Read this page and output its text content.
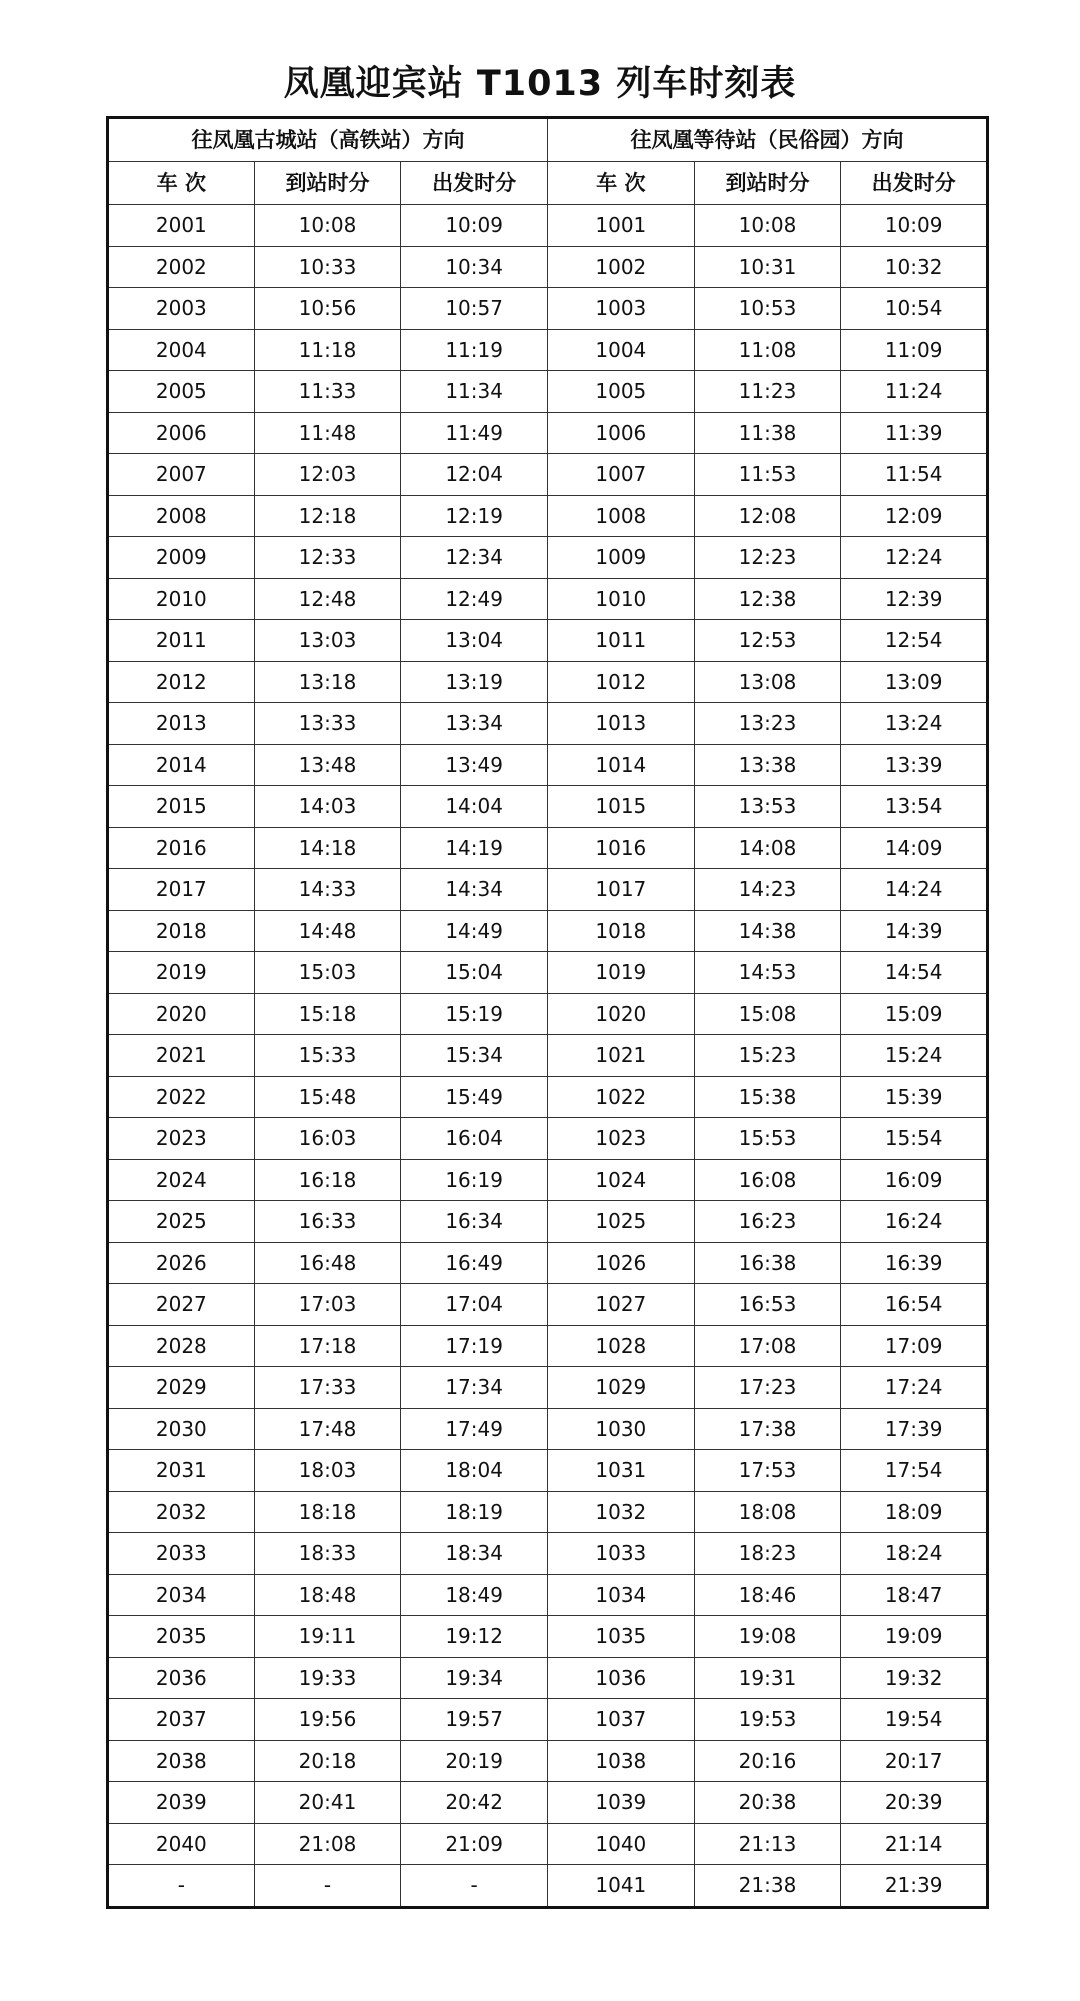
凤凰迎宾站 T1013 列车时刻表
往凤凰古城站（高铁站）方向			往凤凰等待站（民俗园）方向		
车 次	到站时分	出发时分	车 次	到站时分	出发时分
2001	10:08	10:09	1001	10:08	10:09
2002	10:33	10:34	1002	10:31	10:32
2003	10:56	10:57	1003	10:53	10:54
2004	11:18	11:19	1004	11:08	11:09
2005	11:33	11:34	1005	11:23	11:24
2006	11:48	11:49	1006	11:38	11:39
2007	12:03	12:04	1007	11:53	11:54
2008	12:18	12:19	1008	12:08	12:09
2009	12:33	12:34	1009	12:23	12:24
2010	12:48	12:49	1010	12:38	12:39
2011	13:03	13:04	1011	12:53	12:54
2012	13:18	13:19	1012	13:08	13:09
2013	13:33	13:34	1013	13:23	13:24
2014	13:48	13:49	1014	13:38	13:39
2015	14:03	14:04	1015	13:53	13:54
2016	14:18	14:19	1016	14:08	14:09
2017	14:33	14:34	1017	14:23	14:24
2018	14:48	14:49	1018	14:38	14:39
2019	15:03	15:04	1019	14:53	14:54
2020	15:18	15:19	1020	15:08	15:09
2021	15:33	15:34	1021	15:23	15:24
2022	15:48	15:49	1022	15:38	15:39
2023	16:03	16:04	1023	15:53	15:54
2024	16:18	16:19	1024	16:08	16:09
2025	16:33	16:34	1025	16:23	16:24
2026	16:48	16:49	1026	16:38	16:39
2027	17:03	17:04	1027	16:53	16:54
2028	17:18	17:19	1028	17:08	17:09
2029	17:33	17:34	1029	17:23	17:24
2030	17:48	17:49	1030	17:38	17:39
2031	18:03	18:04	1031	17:53	17:54
2032	18:18	18:19	1032	18:08	18:09
2033	18:33	18:34	1033	18:23	18:24
2034	18:48	18:49	1034	18:46	18:47
2035	19:11	19:12	1035	19:08	19:09
2036	19:33	19:34	1036	19:31	19:32
2037	19:56	19:57	1037	19:53	19:54
2038	20:18	20:19	1038	20:16	20:17
2039	20:41	20:42	1039	20:38	20:39
2040	21:08	21:09	1040	21:13	21:14
-	-	-	1041	21:38	21:39
